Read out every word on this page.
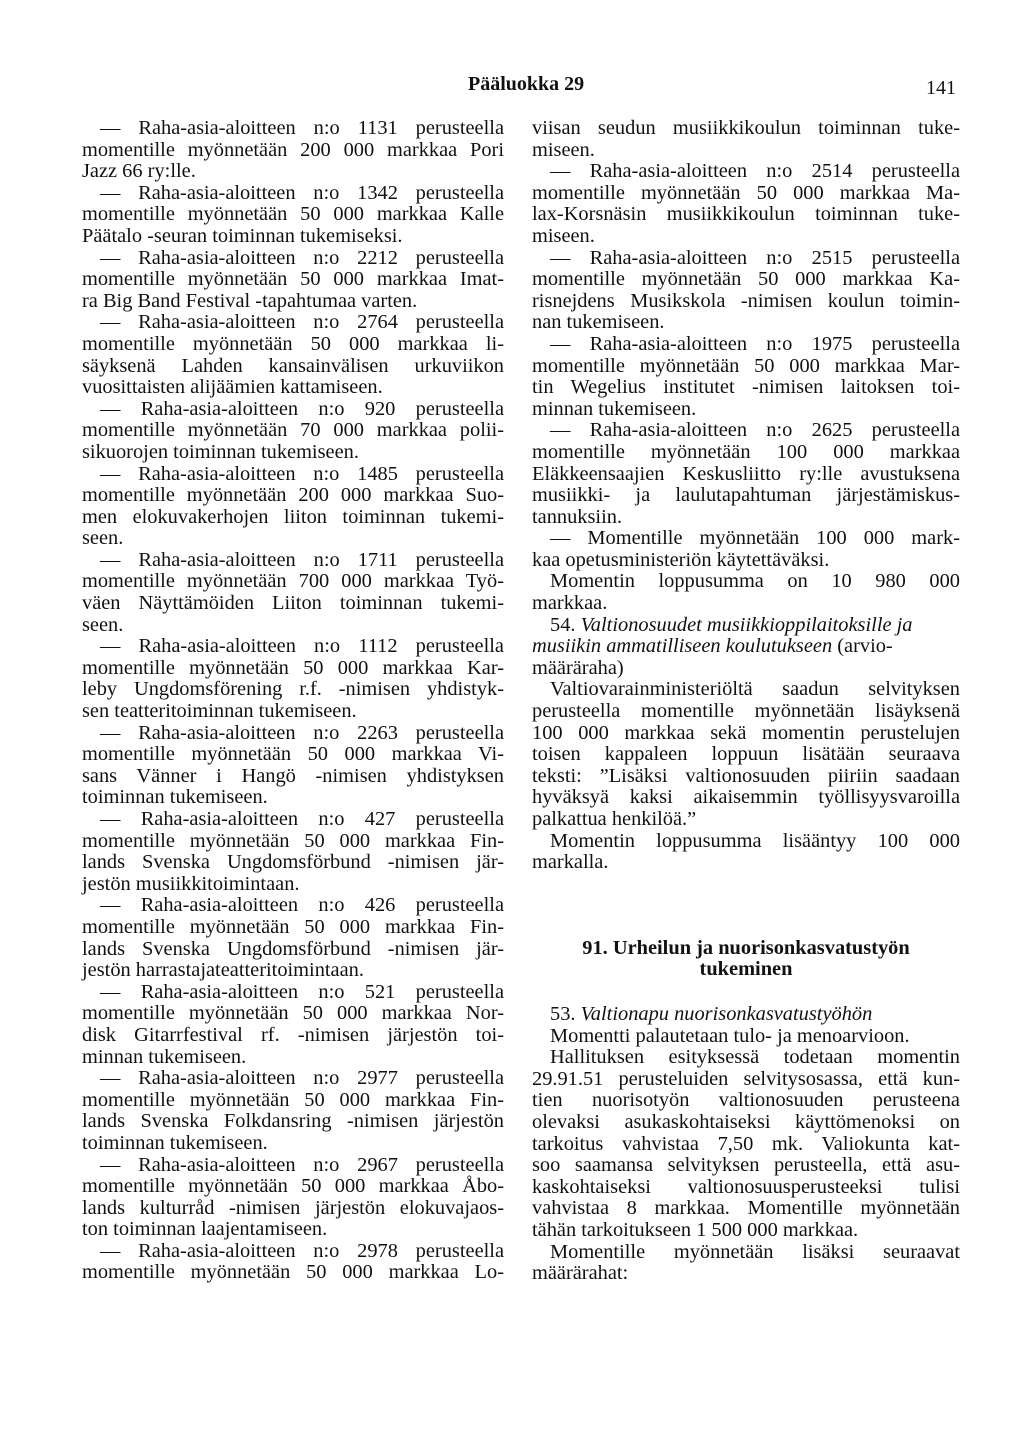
Pääluokka 29	141
— Raha-asia-aloitteen n:o 1131 perusteella
momentille myönnetään 200 000 markkaa Pori
Jazz 66 ry:lle.
— Raha-asia-aloitteen n:o 1342 perusteella
momentille myönnetään 50 000 markkaa Kalle
Päätalo -seuran toiminnan tukemiseksi.
— Raha-asia-aloitteen n:o 2212 perusteella
momentille myönnetään 50 000 markkaa Imat-
ra Big Band Festival -tapahtumaa varten.
— Raha-asia-aloitteen n:o 2764 perusteella
momentille myönnetään 50 000 markkaa li-
säyksenä Lahden kansainvälisen urkuviikon
vuosittaisten alijäämien kattamiseen.
— Raha-asia-aloitteen n:o 920 perusteella
momentille myönnetään 70 000 markkaa polii-
sikuorojen toiminnan tukemiseen.
— Raha-asia-aloitteen n:o 1485 perusteella
momentille myönnetään 200 000 markkaa Suo-
men elokuvakerhojen liiton toiminnan tukemi-
seen.
— Raha-asia-aloitteen n:o 1711 perusteella
momentille myönnetään 700 000 markkaa Työ-
väen Näyttämöiden Liiton toiminnan tukemi-
seen.
— Raha-asia-aloitteen n:o 1112 perusteella
momentille myönnetään 50 000 markkaa Kar-
leby Ungdomsförening r.f. -nimisen yhdistyk-
sen teatteritoiminnan tukemiseen.
— Raha-asia-aloitteen n:o 2263 perusteella
momentille myönnetään 50 000 markkaa Vi-
sans Vänner i Hangö -nimisen yhdistyksen
toiminnan tukemiseen.
— Raha-asia-aloitteen n:o 427 perusteella
momentille myönnetään 50 000 markkaa Fin-
lands Svenska Ungdomsförbund -nimisen jär-
jestön musiikkitoimintaan.
— Raha-asia-aloitteen n:o 426 perusteella
momentille myönnetään 50 000 markkaa Fin-
lands Svenska Ungdomsförbund -nimisen jär-
jestön harrastajateatteritoimintaan.
— Raha-asia-aloitteen n:o 521 perusteella
momentille myönnetään 50 000 markkaa Nor-
disk Gitarrfestival rf. -nimisen järjestön toi-
minnan tukemiseen.
— Raha-asia-aloitteen n:o 2977 perusteella
momentille myönnetään 50 000 markkaa Fin-
lands Svenska Folkdansring -nimisen järjestön
toiminnan tukemiseen.
— Raha-asia-aloitteen n:o 2967 perusteella
momentille myönnetään 50 000 markkaa Åbo-
lands kulturråd -nimisen järjestön elokuvajaos-
ton toiminnan laajentamiseen.
— Raha-asia-aloitteen n:o 2978 perusteella
momentille myönnetään 50 000 markkaa Lo-
viisan seudun musiikkikoulun toiminnan tuke-
miseen.
— Raha-asia-aloitteen n:o 2514 perusteella
momentille myönnetään 50 000 markkaa Ma-
lax-Korsnäsin musiikkikoulun toiminnan tuke-
miseen.
— Raha-asia-aloitteen n:o 2515 perusteella
momentille myönnetään 50 000 markkaa Ka-
risnejdens Musikskola -nimisen koulun toimin-
nan tukemiseen.
— Raha-asia-aloitteen n:o 1975 perusteella
momentille myönnetään 50 000 markkaa Mar-
tin Wegelius institutet -nimisen laitoksen toi-
minnan tukemiseen.
— Raha-asia-aloitteen n:o 2625 perusteella
momentille myönnetään 100 000 markkaa
Eläkkeensaajien Keskusliitto ry:lle avustuksena
musiikki- ja laulutapahtuman järjestämiskus-
tannuksiin.
— Momentille myönnetään 100 000 mark-
kaa opetusministeriön käytettäväksi.
Momentin loppusumma on 10 980 000
markkaa.
54. Valtionosuudet musiikkioppilaitoksille ja
musiikin ammatilliseen koulutukseen (arvio-
määräraha)
Valtiovarainministeriöltä saadun selvityksen
perusteella momentille myönnetään lisäyksenä
100 000 markkaa sekä momentin perustelujen
toisen kappaleen loppuun lisätään seuraava
teksti: ”Lisäksi valtionosuuden piiriin saadaan
hyväksyä kaksi aikaisemmin työllisyysvaroilla
palkattua henkilöä.”
Momentin loppusumma lisääntyy 100 000
markalla.
91. Urheilun ja nuorisonkasvatustyön
tukeminen
53. Valtionapu nuorisonkasvatustyöhön
Momentti palautetaan tulo- ja menoarvioon.
Hallituksen esityksessä todetaan momentin
29.91.51 perusteluiden selvitysosassa, että kun-
tien nuorisotyön valtionosuuden perusteena
olevaksi asukaskohtaiseksi käyttömenoksi on
tarkoitus vahvistaa 7,50 mk. Valiokunta kat-
soo saamansa selvityksen perusteella, että asu-
kaskohtaiseksi valtionosuusperusteeksi tulisi
vahvistaa 8 markkaa. Momentille myönnetään
tähän tarkoitukseen 1 500 000 markkaa.
Momentille myönnetään lisäksi seuraavat
määrärahat:
